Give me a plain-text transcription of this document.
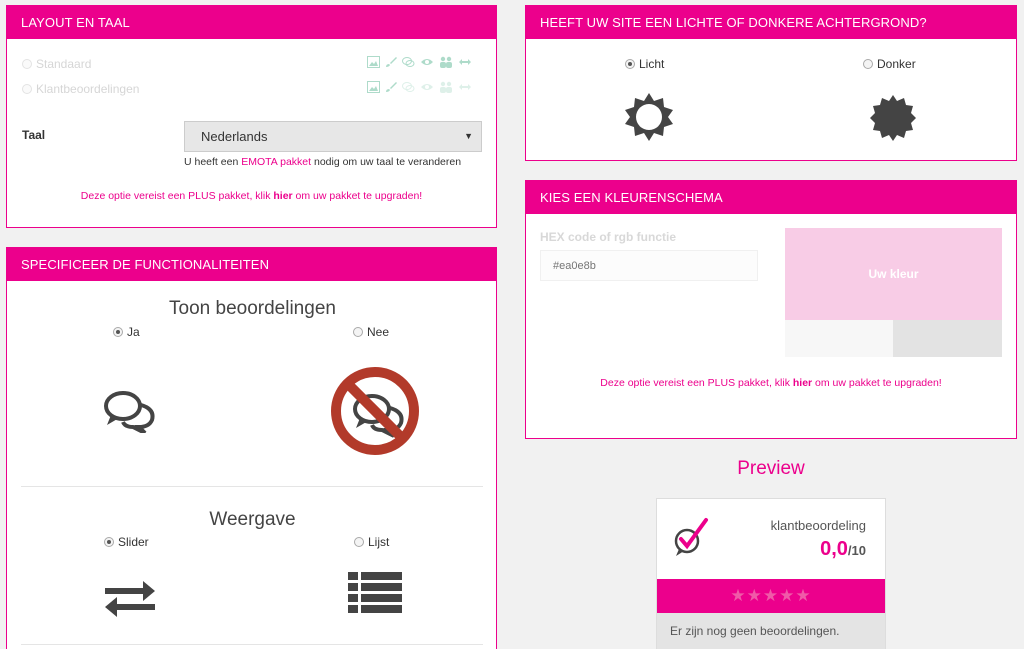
LAYOUT EN TAAL
Standaard
Klantbeoordelingen
Taal	Nederlands	▼
U heeft een EMOTA pakket nodig om uw taal te veranderen
Deze optie vereist een PLUS pakket, klik hier om uw pakket te upgraden!
SPECIFICEER DE FUNCTIONALITEITEN
Toon beoordelingen
Ja	Nee
Weergave
Slider	Lijst
HEEFT UW SITE EEN LICHTE OF DONKERE ACHTERGROND?
Licht	Donker
KIES EEN KLEURENSCHEMA
HEX code of rgb functie
#ea0e8b
Uw kleur
Deze optie vereist een PLUS pakket, klik hier om uw pakket te upgraden!
Preview
klantbeoordeling
0,0/10
★★★★★
Er zijn nog geen beoordelingen.
